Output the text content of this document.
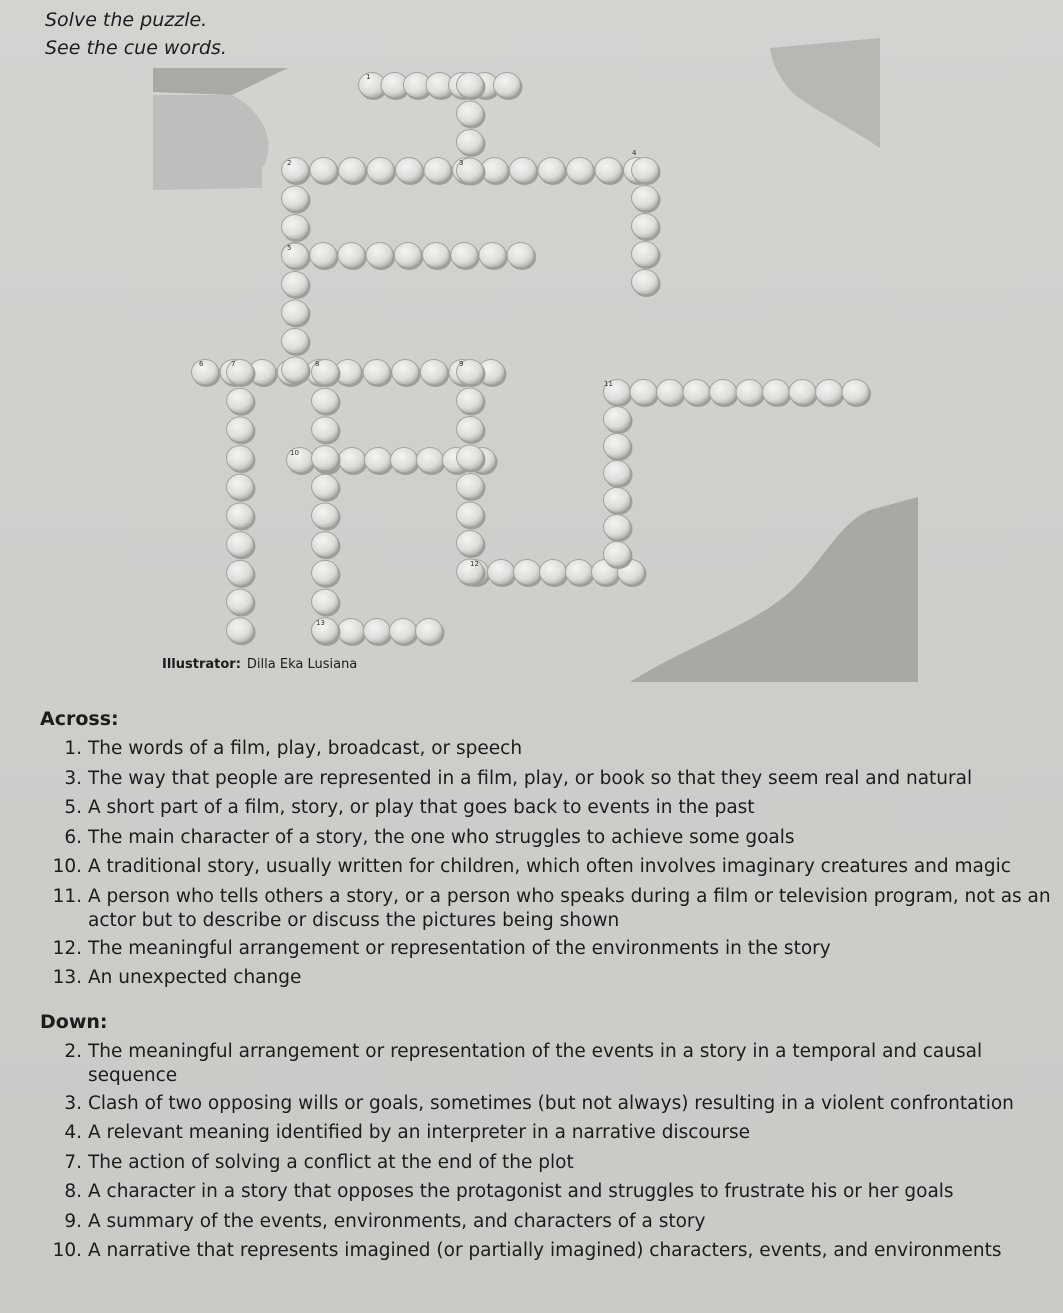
Solve the puzzle.
See the cue words.
1
2	3
4
5
6	7	8	9
11
10
12
13
Illustrator: Dilla Eka Lusiana
Across:
1. The words of a film, play, broadcast, or speech
3. The way that people are represented in a film, play, or book so that they seem real and natural
5. A short part of a film, story, or play that goes back to events in the past
6. The main character of a story, the one who struggles to achieve some goals
10. A traditional story, usually written for children, which often involves imaginary creatures and magic
11. A person who tells others a story, or a person who speaks during a film or television program, not as an actor but to describe or discuss the pictures being shown
12. The meaningful arrangement or representation of the environments in the story
13. An unexpected change
Down:
2. The meaningful arrangement or representation of the events in a story in a temporal and causal sequence
3. Clash of two opposing wills or goals, sometimes (but not always) resulting in a violent confrontation
4. A relevant meaning identified by an interpreter in a narrative discourse
7. The action of solving a conflict at the end of the plot
8. A character in a story that opposes the protagonist and struggles to frustrate his or her goals
9. A summary of the events, environments, and characters of a story
10. A narrative that represents imagined (or partially imagined) characters, events, and environments
